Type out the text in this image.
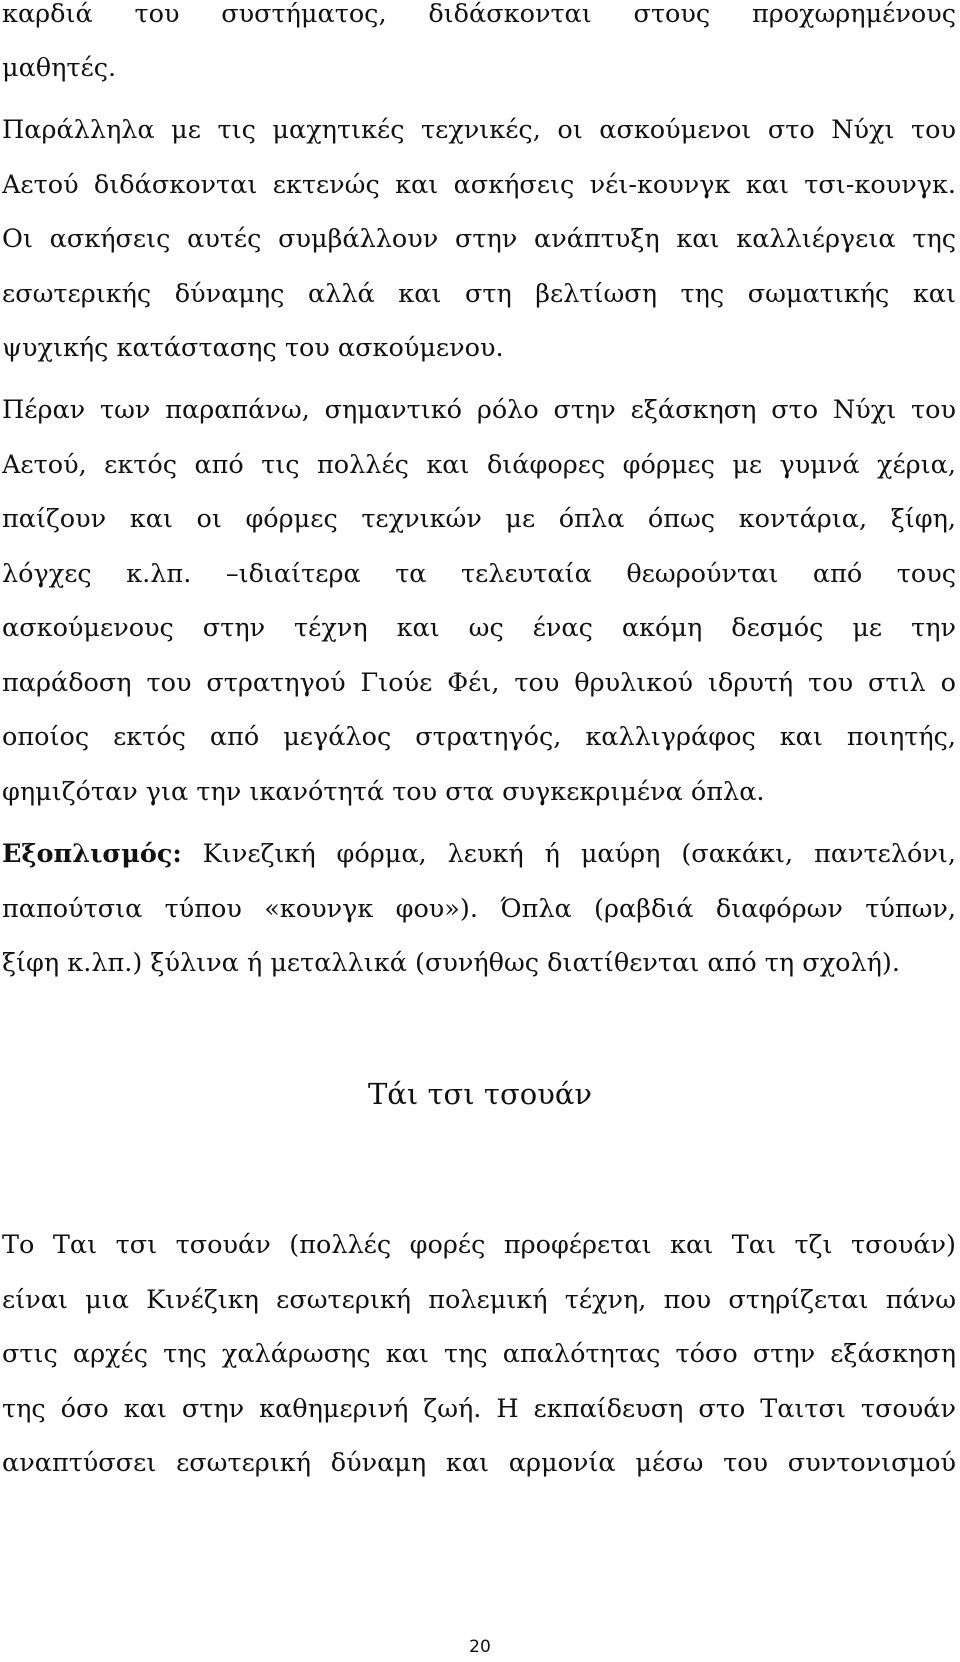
καρδιά του συστήματος, διδάσκονται στους προχωρημένους
μαθητές.
Παράλληλα με τις μαχητικές τεχνικές, οι ασκούμενοι στο Νύχι του
Αετού διδάσκονται εκτενώς και ασκήσεις νέι-κουνγκ και τσι-κουνγκ.
Οι ασκήσεις αυτές συμβάλλουν στην ανάπτυξη και καλλιέργεια της
εσωτερικής δύναμης αλλά και στη βελτίωση της σωματικής και
ψυχικής κατάστασης του ασκούμενου.
Πέραν των παραπάνω, σημαντικό ρόλο στην εξάσκηση στο Νύχι του
Αετού, εκτός από τις πολλές και διάφορες φόρμες με γυμνά χέρια,
παίζουν και οι φόρμες τεχνικών με όπλα όπως κοντάρια, ξίφη,
λόγχες κ.λπ. –ιδιαίτερα τα τελευταία θεωρούνται από τους
ασκούμενους στην τέχνη και ως ένας ακόμη δεσμός με την
παράδοση του στρατηγού Γιούε Φέι, του θρυλικού ιδρυτή του στιλ ο
οποίος εκτός από μεγάλος στρατηγός, καλλιγράφος και ποιητής,
φημιζόταν για την ικανότητά του στα συγκεκριμένα όπλα.
Εξοπλισμός: Κινεζική φόρμα, λευκή ή μαύρη (σακάκι, παντελόνι,
παπούτσια τύπου «κουνγκ φου»). Όπλα (ραβδιά διαφόρων τύπων,
ξίφη κ.λπ.) ξύλινα ή μεταλλικά (συνήθως διατίθενται από τη σχολή).
Το Ται τσι τσουάν (πολλές φορές προφέρεται και Ται τζι τσουάν)
είναι μια Κινέζικη εσωτερική πολεμική τέχνη, που στηρίζεται πάνω
στις αρχές της χαλάρωσης και της απαλότητας τόσο στην εξάσκηση
της όσο και στην καθημερινή ζωή. Η εκπαίδευση στο Ταιτσι τσουάν
αναπτύσσει εσωτερική δύναμη και αρμονία μέσω του συντονισμού
Τάι τσι τσουάν
20
